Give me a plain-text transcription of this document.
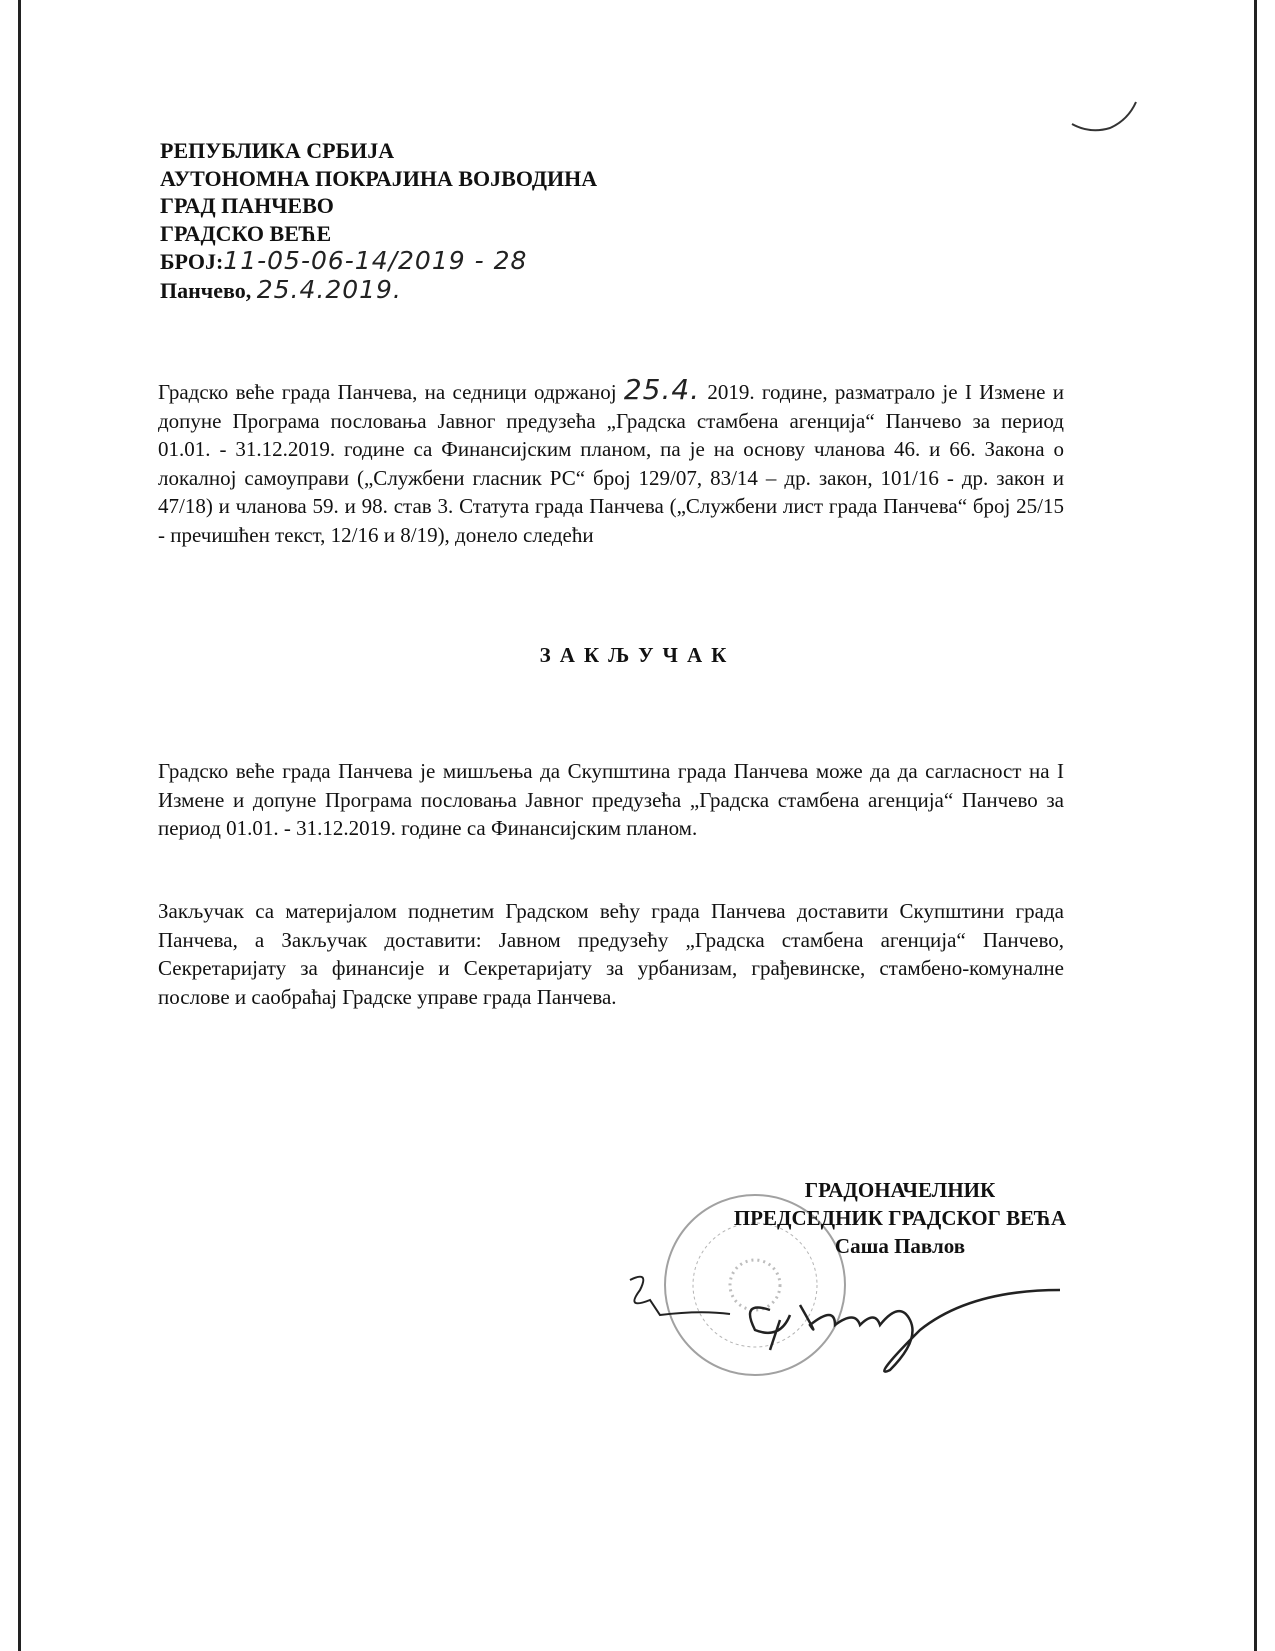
РЕПУБЛИКА СРБИЈА
АУТОНОМНА ПОКРАЈИНА ВОЈВОДИНА
ГРАД ПАНЧЕВО
ГРАДСКО ВЕЋЕ
БРОЈ:11-05-06-14/2019 - 28
Панчево, 25.4.2019.

Градско веће града Панчева, на седници одржаној 25.4. 2019. године, разматрало је I Измене и допуне Програма пословања Јавног предузећа „Градска стамбена агенција“ Панчево за период 01.01. - 31.12.2019. године са Финансијским планом, па је на основу чланова 46. и 66. Закона о локалној самоуправи („Службени гласник РС“ број 129/07, 83/14 – др. закон, 101/16 - др. закон и 47/18) и чланова 59. и 98. став 3. Статута града Панчева („Службени лист града Панчева“ број 25/15 - пречишћен текст, 12/16 и 8/19), донело следећи

ЗАКЉУЧАК

Градско веће града Панчева је мишљења да Скупштина града Панчева може да да сагласност на I Измене и допуне Програма пословања Јавног предузећа „Градска стамбена агенција“ Панчево за период 01.01. - 31.12.2019. године са Финансијским планом.

Закључак са материјалом поднетим Градском већу града Панчева доставити Скупштини града Панчева, а Закључак доставити: Јавном предузећу „Градска стамбена агенција“ Панчево, Секретаријату за финансије и Секретаријату за урбанизам, грађевинске, стамбено-комуналне послове и саобраћај Градске управе града Панчева.

ГРАДОНАЧЕЛНИК
ПРЕДСЕДНИК ГРАДСКОГ ВЕЋА
Саша Павлов
